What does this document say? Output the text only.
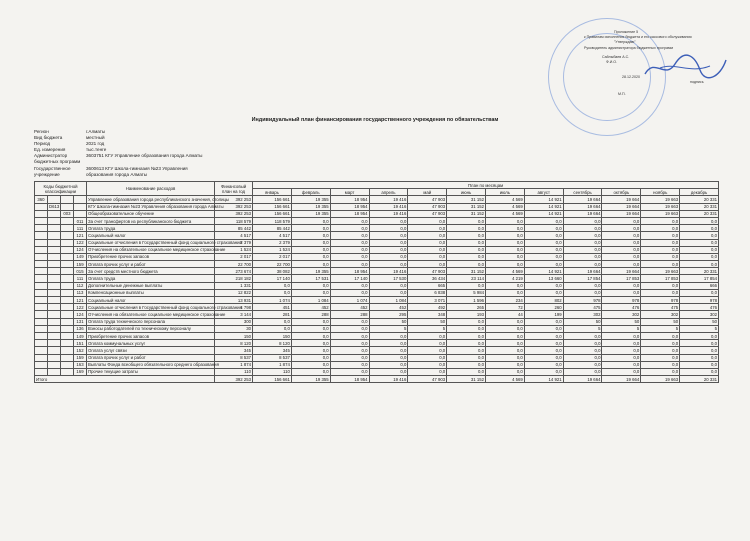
Приложение 5
к Правилам исполнения бюджета и его кассового обслуживания
"Утверждаю"
Руководитель администратора бюджетных программ
Сайлыбаев А.С.
Ф.И.О.
28.12.2020
подпись
М.П.
Индивидуальный план финансирования государственного учреждения по обязательствам
Регион	г.Алматы
Вид бюджета	местный
Период	2021 год
Ед. измерения	тыс.тенге
Администратор бюджетных программ
3603751 КГУ Управление образования города Алматы
Государственное учреждение
3600613 КГУ Школа-гимназия №23 Управления образования города Алматы
Коды бюджетной классификации				Наименование расходов	Финансовый план на год	План по месяцам											
						январь	февраль	март	апрель	май	июнь	июль	август	сентябрь	октябрь	ноябрь	декабрь
360				Управление образования города республиканского значения, столицы	392 253	156 661	19 355	18 954	19 416	47 903	31 152	4 569	14 921	19 664	19 664	19 663	20 331
	D613			КГУ Школа-гимназия №23 Управления образования города Алматы	392 253	156 661	19 355	18 954	19 416	47 903	31 152	4 569	14 921	19 664	19 664	19 663	20 331
		003		Общеобразовательное обучение	392 253	156 661	19 355	18 954	19 416	47 903	31 152	4 569	14 921	19 664	19 664	19 663	20 331
			011	За счет трансфертов из республиканского бюджета	118 579	118 579	0,0	0,0	0,0	0,0	0,0	0,0	0,0	0,0	0,0	0,0	0,0
			111	Оплата труда	85 442	85 442	0,0	0,0	0,0	0,0	0,0	0,0	0,0	0,0	0,0	0,0	0,0
			121	Социальный налог	4 517	4 517	0,0	0,0	0,0	0,0	0,0	0,0	0,0	0,0	0,0	0,0	0,0
			122	Социальные отчисления в Государственный фонд социального страхования	2 379	2 379	0,0	0,0	0,0	0,0	0,0	0,0	0,0	0,0	0,0	0,0	0,0
			124	Отчисления на обязательное социальное медицинское страхование	1 524	1 524	0,0	0,0	0,0	0,0	0,0	0,0	0,0	0,0	0,0	0,0	0,0
			149	Приобретение прочих запасов	2 017	2 017	0,0	0,0	0,0	0,0	0,0	0,0	0,0	0,0	0,0	0,0	0,0
			159	Оплата прочих услуг и работ	22 700	22 700	0,0	0,0	0,0	0,0	0,0	0,0	0,0	0,0	0,0	0,0	0,0
			015	За счет средств местного бюджета	273 674	38 082	19 355	18 954	19 416	47 903	31 152	4 569	14 921	19 664	19 664	19 663	20 331
			111	Оплата труда	218 182	17 140	17 531	17 140	17 530	36 434	23 114	4 219	13 660	17 854	17 853	17 853	17 854
			112	Дополнительные денежные выплаты	1 331	0,0	0,0	0,0	0,0	665	0,0	0,0	0,0	0,0	0,0	0,0	666
			113	Компенсационные выплаты	12 822	0,0	0,0	0,0	0,0	6 838	5 984	0,0	0,0	0,0	0,0	0,0	0,0
			121	Социальный налог	13 931	1 074	1 084	1 074	1 084	3 071	1 596	234	802	978	978	978	978
			122	Социальные отчисления в Государственный фонд социального страхования	4 798	451	452	452	452	492	265	72	260	475	476	475	476
			124	Отчисления на обязательное социальное медицинское страхование	3 144	281	288	288	295	348	193	44	199	302	302	302	302
			131	Оплата труда технического персонала	300	0,0	0,0	0,0	50	50	0,0	0,0	0,0	50	50	50	50
			136	Взносы работодателей по техническому персоналу	30	0,0	0,0	0,0	5	5	0,0	0,0	0,0	5	5	5	5
			149	Приобретение прочих запасов	150	150	0,0	0,0	0,0	0,0	0,0	0,0	0,0	0,0	0,0	0,0	0,0
			151	Оплата коммунальных услуг	8 120	8 120	0,0	0,0	0,0	0,0	0,0	0,0	0,0	0,0	0,0	0,0	0,0
			152	Оплата услуг связи	345	345	0,0	0,0	0,0	0,0	0,0	0,0	0,0	0,0	0,0	0,0	0,0
			159	Оплата прочих услуг и работ	8 537	8 537	0,0	0,0	0,0	0,0	0,0	0,0	0,0	0,0	0,0	0,0	0,0
			163	Выплаты Фонда всеобщего обязательного среднего образования	1 874	1 874	0,0	0,0	0,0	0,0	0,0	0,0	0,0	0,0	0,0	0,0	0,0
			169	Прочие текущие затраты	110	110	0,0	0,0	0,0	0,0	0,0	0,0	0,0	0,0	0,0	0,0	0,0
Итого					392 253	156 661	19 355	18 954	19 416	47 903	31 152	4 569	14 921	19 664	19 664	19 663	20 331
